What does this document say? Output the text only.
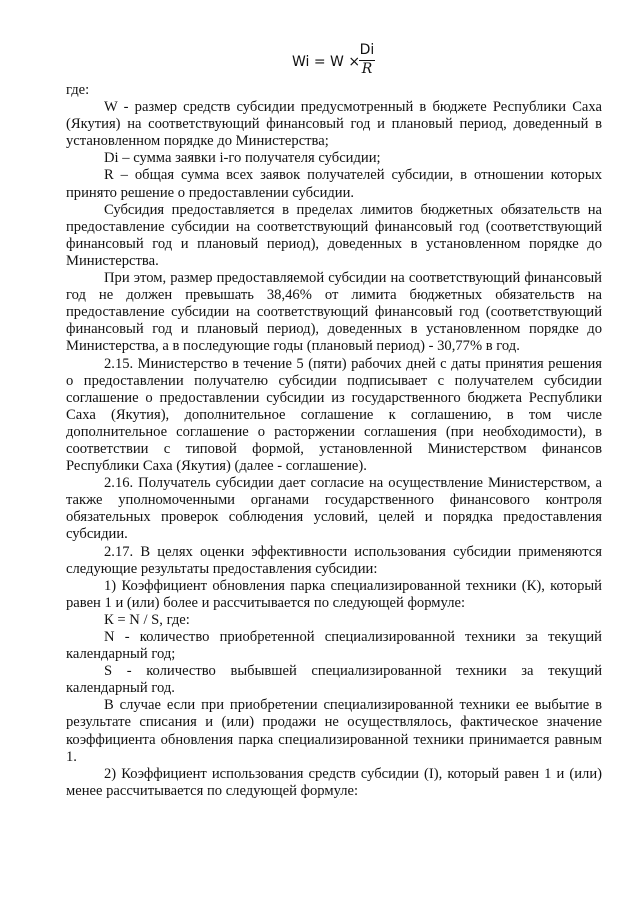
Wi = W ×
$\frac{Di}{R}$

где:

W - размер средств субсидии предусмотренный в бюджете Республики Саха (Якутия) на соответствующий финансовый год и плановый период, доведенный в установленном порядке до Министерства;

Di – сумма заявки i-го получателя субсидии;

R – общая сумма всех заявок получателей субсидии, в отношении которых принято решение о предоставлении субсидии.

Субсидия предоставляется в пределах лимитов бюджетных обязательств на предоставление субсидии на соответствующий финансовый год (соответствующий финансовый год и плановый период), доведенных в установленном порядке до Министерства.

При этом, размер предоставляемой субсидии на соответствующий финансовый год не должен превышать 38,46% от лимита бюджетных обязательств на предоставление субсидии на соответствующий финансовый год (соответствующий финансовый год и плановый период), доведенных в установленном порядке до Министерства, а в последующие годы (плановый период) - 30,77% в год.

2.15. Министерство в течение 5 (пяти) рабочих дней с даты принятия решения о предоставлении получателю субсидии подписывает с получателем субсидии соглашение о предоставлении субсидии из государственного бюджета Республики Саха (Якутия), дополнительное соглашение к соглашению, в том числе дополнительное соглашение о расторжении соглашения (при необходимости), в соответствии с типовой формой, установленной Министерством финансов Республики Саха (Якутия) (далее - соглашение).

2.16. Получатель субсидии дает согласие на осуществление Министерством, а также уполномоченными органами государственного финансового контроля обязательных проверок соблюдения условий, целей и порядка предоставления субсидии.

2.17. В целях оценки эффективности использования субсидии применяются следующие результаты предоставления субсидии:

1) Коэффициент обновления парка специализированной техники (К), который равен 1 и (или) более и рассчитывается по следующей формуле:

К = N / S, где:

N - количество приобретенной специализированной техники за текущий календарный год;

S - количество выбывшей специализированной техники за текущий календарный год.

В случае если при приобретении специализированной техники ее выбытие в результате списания и (или) продажи не осуществлялось, фактическое значение коэффициента обновления парка специализированной техники принимается равным 1.

2) Коэффициент использования средств субсидии (I), который равен 1 и (или) менее рассчитывается по следующей формуле:
